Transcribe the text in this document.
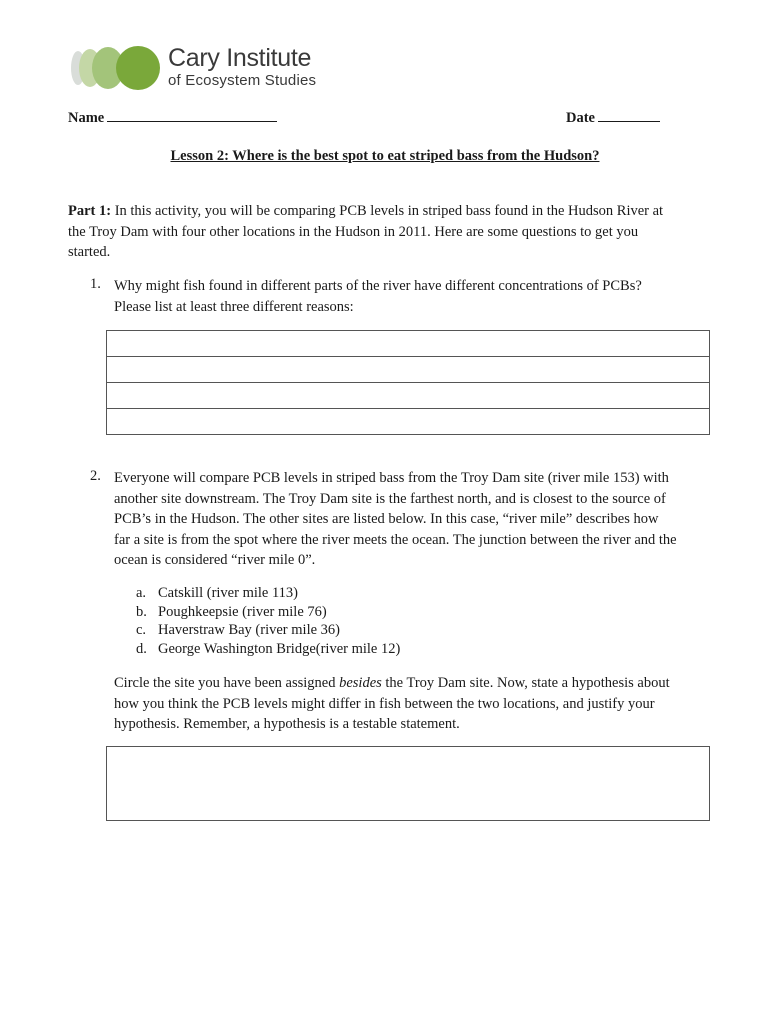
Cary Institute
of Ecosystem Studies
Name	Date
Lesson 2: Where is the best spot to eat striped bass from the Hudson?
Part 1: In this activity, you will be comparing PCB levels in striped bass found in the Hudson River at
the Troy Dam with four other locations in the Hudson in 2011. Here are some questions to get you
started.
1. Why might fish found in different parts of the river have different concentrations of PCBs?
Please list at least three different reasons:
2. Everyone will compare PCB levels in striped bass from the Troy Dam site (river mile 153) with
another site downstream. The Troy Dam site is the farthest north, and is closest to the source of
PCB’s in the Hudson. The other sites are listed below. In this case, “river mile” describes how
far a site is from the spot where the river meets the ocean. The junction between the river and the
ocean is considered “river mile 0”.
a. Catskill (river mile 113)
b. Poughkeepsie (river mile 76)
c. Haverstraw Bay (river mile 36)
d. George Washington Bridge(river mile 12)
Circle the site you have been assigned besides the Troy Dam site. Now, state a hypothesis about
how you think the PCB levels might differ in fish between the two locations, and justify your
hypothesis. Remember, a hypothesis is a testable statement.
